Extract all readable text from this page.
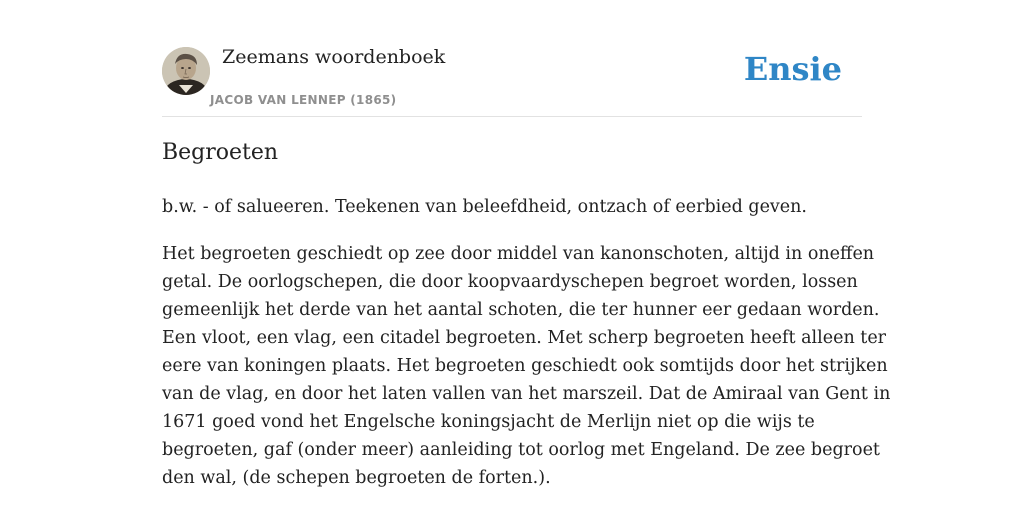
Zeemans woordenboek
JACOB VAN LENNEP (1865)
Ensie
Begroeten

b.w. - of salueeren. Teekenen van beleefdheid, ontzach of eerbied geven.

Het begroeten geschiedt op zee door middel van kanonschoten, altijd in oneffen
getal. De oorlogschepen, die door koopvaardyschepen begroet worden, lossen
gemeenlijk het derde van het aantal schoten, die ter hunner eer gedaan worden.
Een vloot, een vlag, een citadel begroeten. Met scherp begroeten heeft alleen ter
eere van koningen plaats. Het begroeten geschiedt ook somtijds door het strijken
van de vlag, en door het laten vallen van het marszeil. Dat de Amiraal van Gent in
1671 goed vond het Engelsche koningsjacht de Merlijn niet op die wijs te
begroeten, gaf (onder meer) aanleiding tot oorlog met Engeland. De zee begroet
den wal, (de schepen begroeten de forten.).
